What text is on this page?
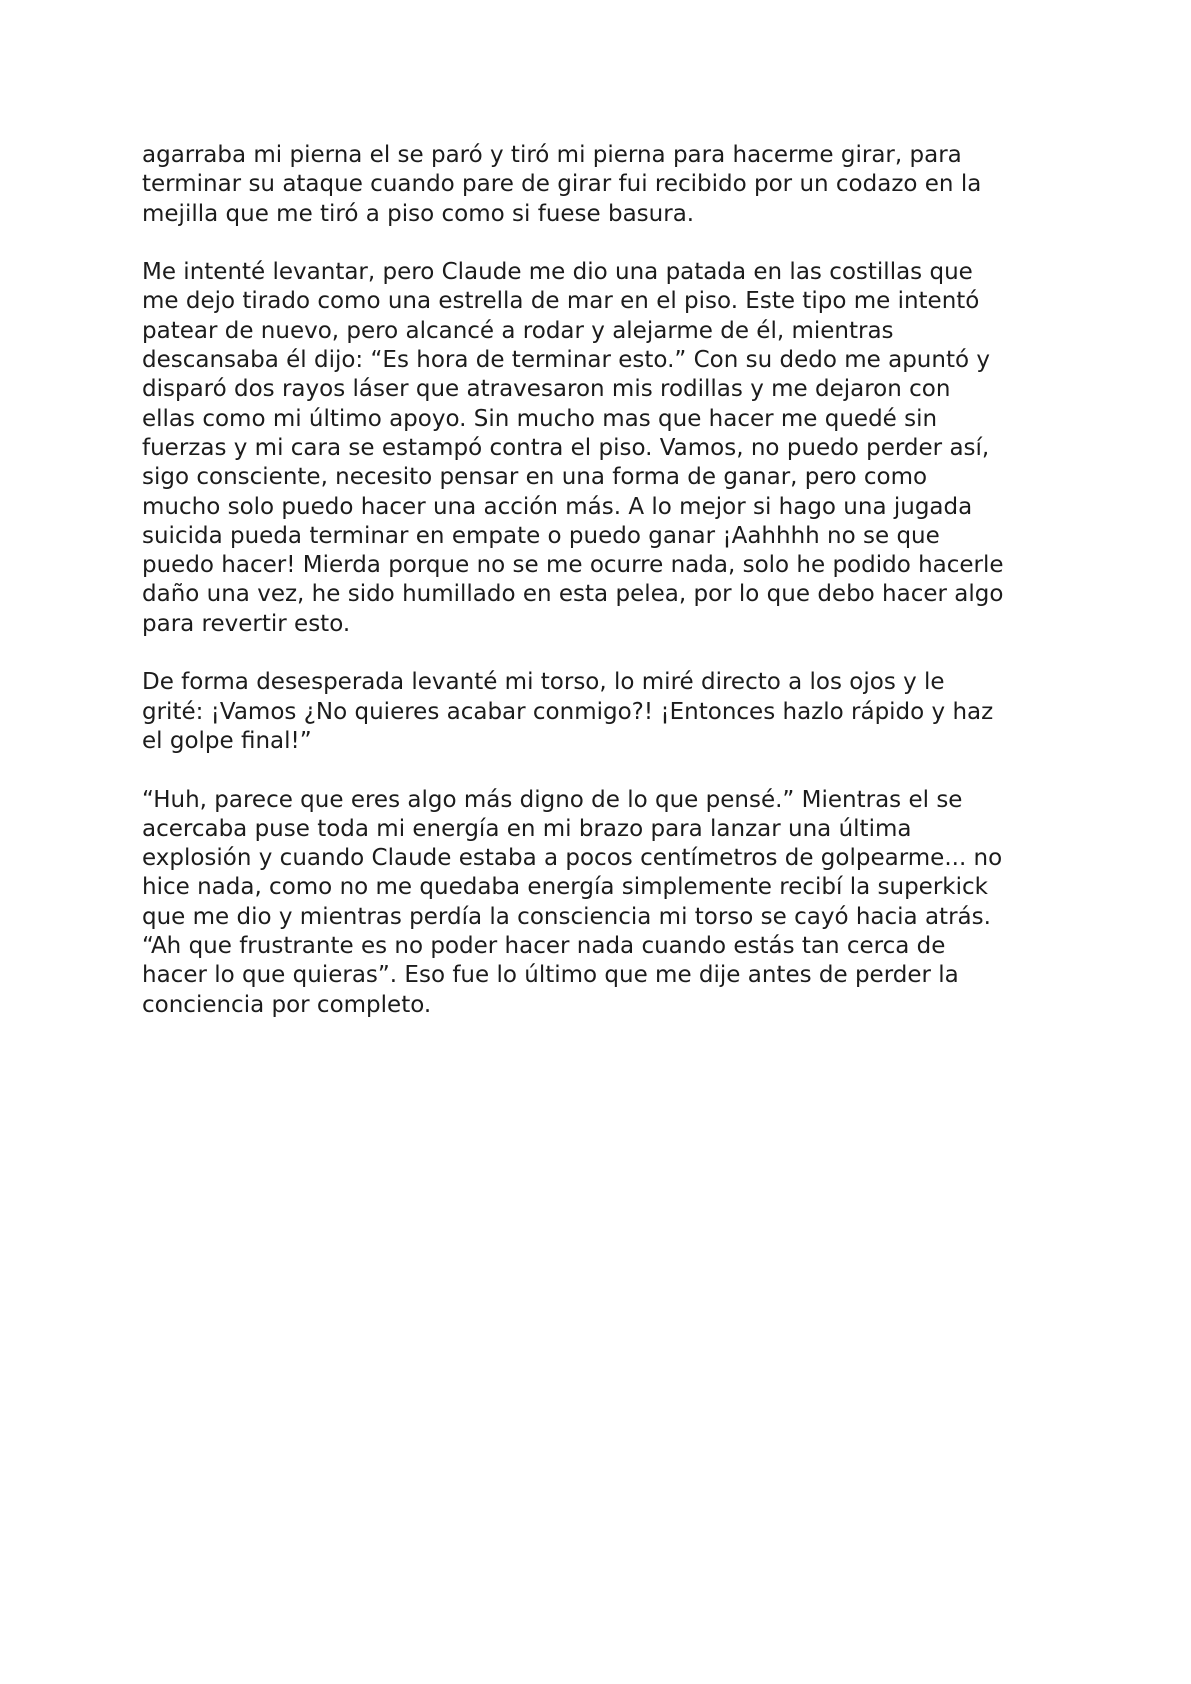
agarraba mi pierna el se paró y tiró mi pierna para hacerme girar, para
terminar su ataque cuando pare de girar fui recibido por un codazo en la
mejilla que me tiró a piso como si fuese basura.
Me intenté levantar, pero Claude me dio una patada en las costillas que
me dejo tirado como una estrella de mar en el piso. Este tipo me intentó
patear de nuevo, pero alcancé a rodar y alejarme de él, mientras
descansaba él dijo: “Es hora de terminar esto.” Con su dedo me apuntó y
disparó dos rayos láser que atravesaron mis rodillas y me dejaron con
ellas como mi último apoyo. Sin mucho mas que hacer me quedé sin
fuerzas y mi cara se estampó contra el piso. Vamos, no puedo perder así,
sigo consciente, necesito pensar en una forma de ganar, pero como
mucho solo puedo hacer una acción más. A lo mejor si hago una jugada
suicida pueda terminar en empate o puedo ganar ¡Aahhhh no se que
puedo hacer! Mierda porque no se me ocurre nada, solo he podido hacerle
daño una vez, he sido humillado en esta pelea, por lo que debo hacer algo
para revertir esto.
De forma desesperada levanté mi torso, lo miré directo a los ojos y le
grité: ¡Vamos ¿No quieres acabar conmigo?! ¡Entonces hazlo rápido y haz
el golpe final!”
“Huh, parece que eres algo más digno de lo que pensé.” Mientras el se
acercaba puse toda mi energía en mi brazo para lanzar una última
explosión y cuando Claude estaba a pocos centímetros de golpearme... no
hice nada, como no me quedaba energía simplemente recibí la superkick
que me dio y mientras perdía la consciencia mi torso se cayó hacia atrás.
“Ah que frustrante es no poder hacer nada cuando estás tan cerca de
hacer lo que quieras”. Eso fue lo último que me dije antes de perder la
conciencia por completo.
